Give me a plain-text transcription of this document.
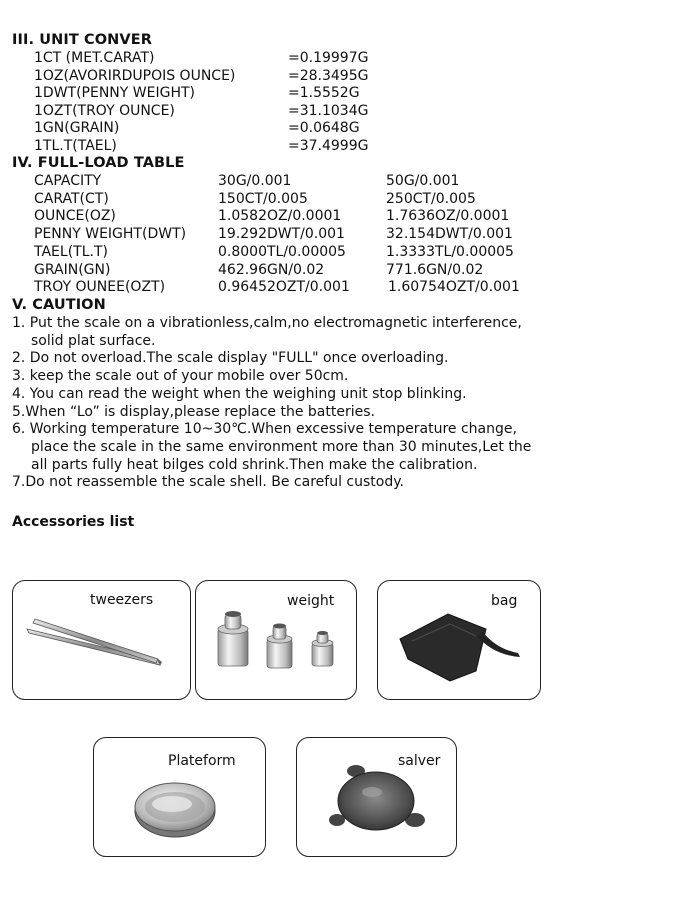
III. UNIT CONVER
1CT (MET.CARAT)	=0.19997G
1OZ(AVORIRDUPOIS OUNCE)	=28.3495G
1DWT(PENNY WEIGHT)	=1.5552G
1OZT(TROY OUNCE)	=31.1034G
1GN(GRAIN)	=0.0648G
1TL.T(TAEL)	=37.4999G
IV. FULL-LOAD TABLE
CAPACITY	30G/0.001	50G/0.001
CARAT(CT)	150CT/0.005	250CT/0.005
OUNCE(OZ)	1.0582OZ/0.0001	1.7636OZ/0.0001
PENNY WEIGHT(DWT) 19.292DWT/0.001	32.154DWT/0.001
TAEL(TL.T)	0.8000TL/0.00005	1.3333TL/0.00005
GRAIN(GN)	462.96GN/0.02	771.6GN/0.02
TROY OUNEE(OZT)	0.96452OZT/0.001	1.60754OZT/0.001
V. CAUTION
1. Put the scale on a vibrationless,calm,no electromagnetic interference,
solid plat surface.
2. Do not overload.The scale display "FULL" once overloading.
3. keep the scale out of your mobile over 50cm.
4. You can read the weight when the weighing unit stop blinking.
5.When “Lo” is display,please replace the batteries.
6. Working temperature 10~30℃.When excessive temperature change,
place the scale in the same environment more than 30 minutes,Let the
all parts fully heat bilges cold shrink.Then make the calibration.
7.Do not reassemble the scale shell. Be careful custody.
Accessories list
tweezers	weight	bag
Plateform	salver
